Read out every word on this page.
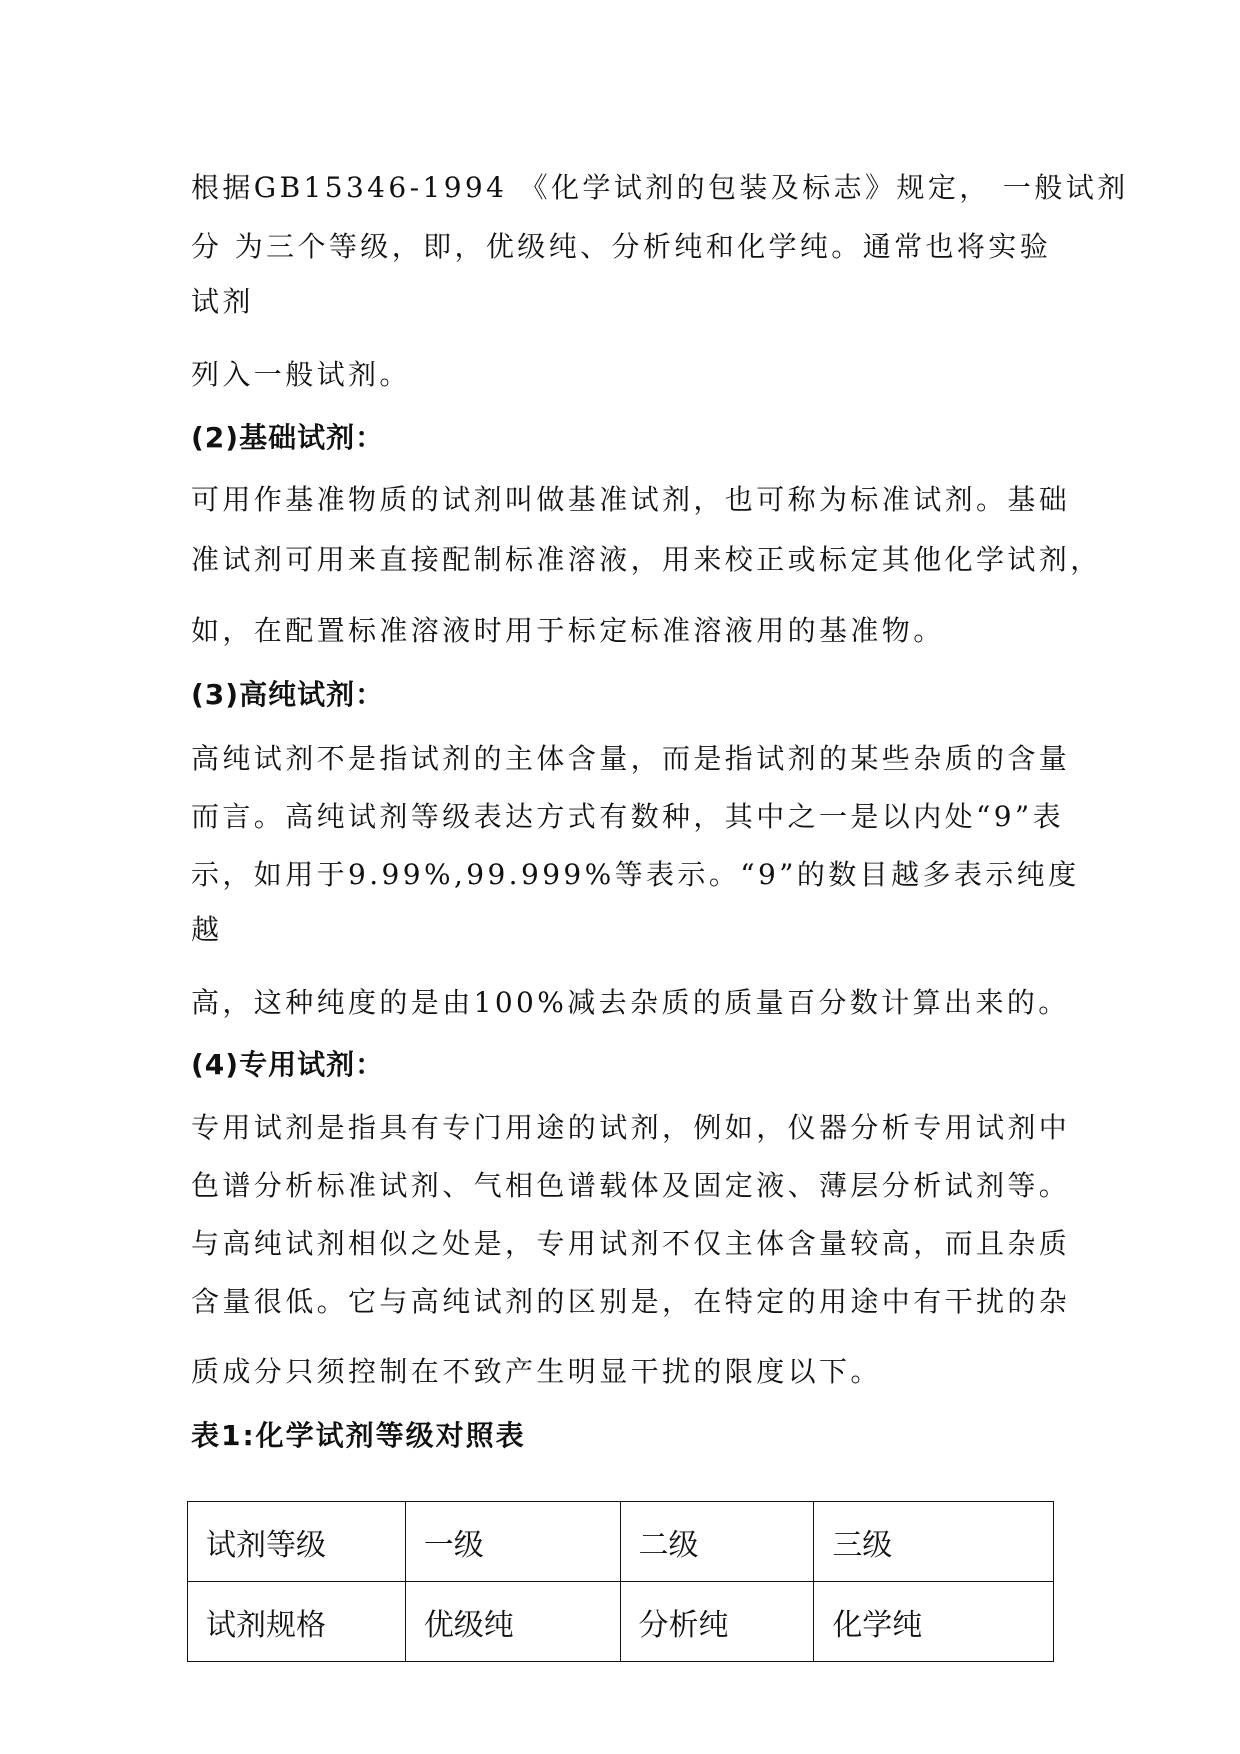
根据GB15346-1994 《化学试剂的包装及标志》规定， 一般试剂
分 为三个等级，即，优级纯、分析纯和化学纯。通常也将实验
试剂
列入一般试剂。
(2)基础试剂：
可用作基准物质的试剂叫做基准试剂，也可称为标准试剂。基础
准试剂可用来直接配制标准溶液，用来校正或标定其他化学试剂，
如，在配置标准溶液时用于标定标准溶液用的基准物。
(3)高纯试剂：
高纯试剂不是指试剂的主体含量，而是指试剂的某些杂质的含量
而言。高纯试剂等级表达方式有数种，其中之一是以内处“9”表
示，如用于9.99%,99.999%等表示。“9”的数目越多表示纯度
越
高，这种纯度的是由100%减去杂质的质量百分数计算出来的。
(4)专用试剂：
专用试剂是指具有专门用途的试剂，例如，仪器分析专用试剂中
色谱分析标准试剂、气相色谱载体及固定液、薄层分析试剂等。
与高纯试剂相似之处是，专用试剂不仅主体含量较高，而且杂质
含量很低。它与高纯试剂的区别是，在特定的用途中有干扰的杂
质成分只须控制在不致产生明显干扰的限度以下。
表1:化学试剂等级对照表
试剂等级	一级	二级	三级
试剂规格	优级纯	分析纯	化学纯
